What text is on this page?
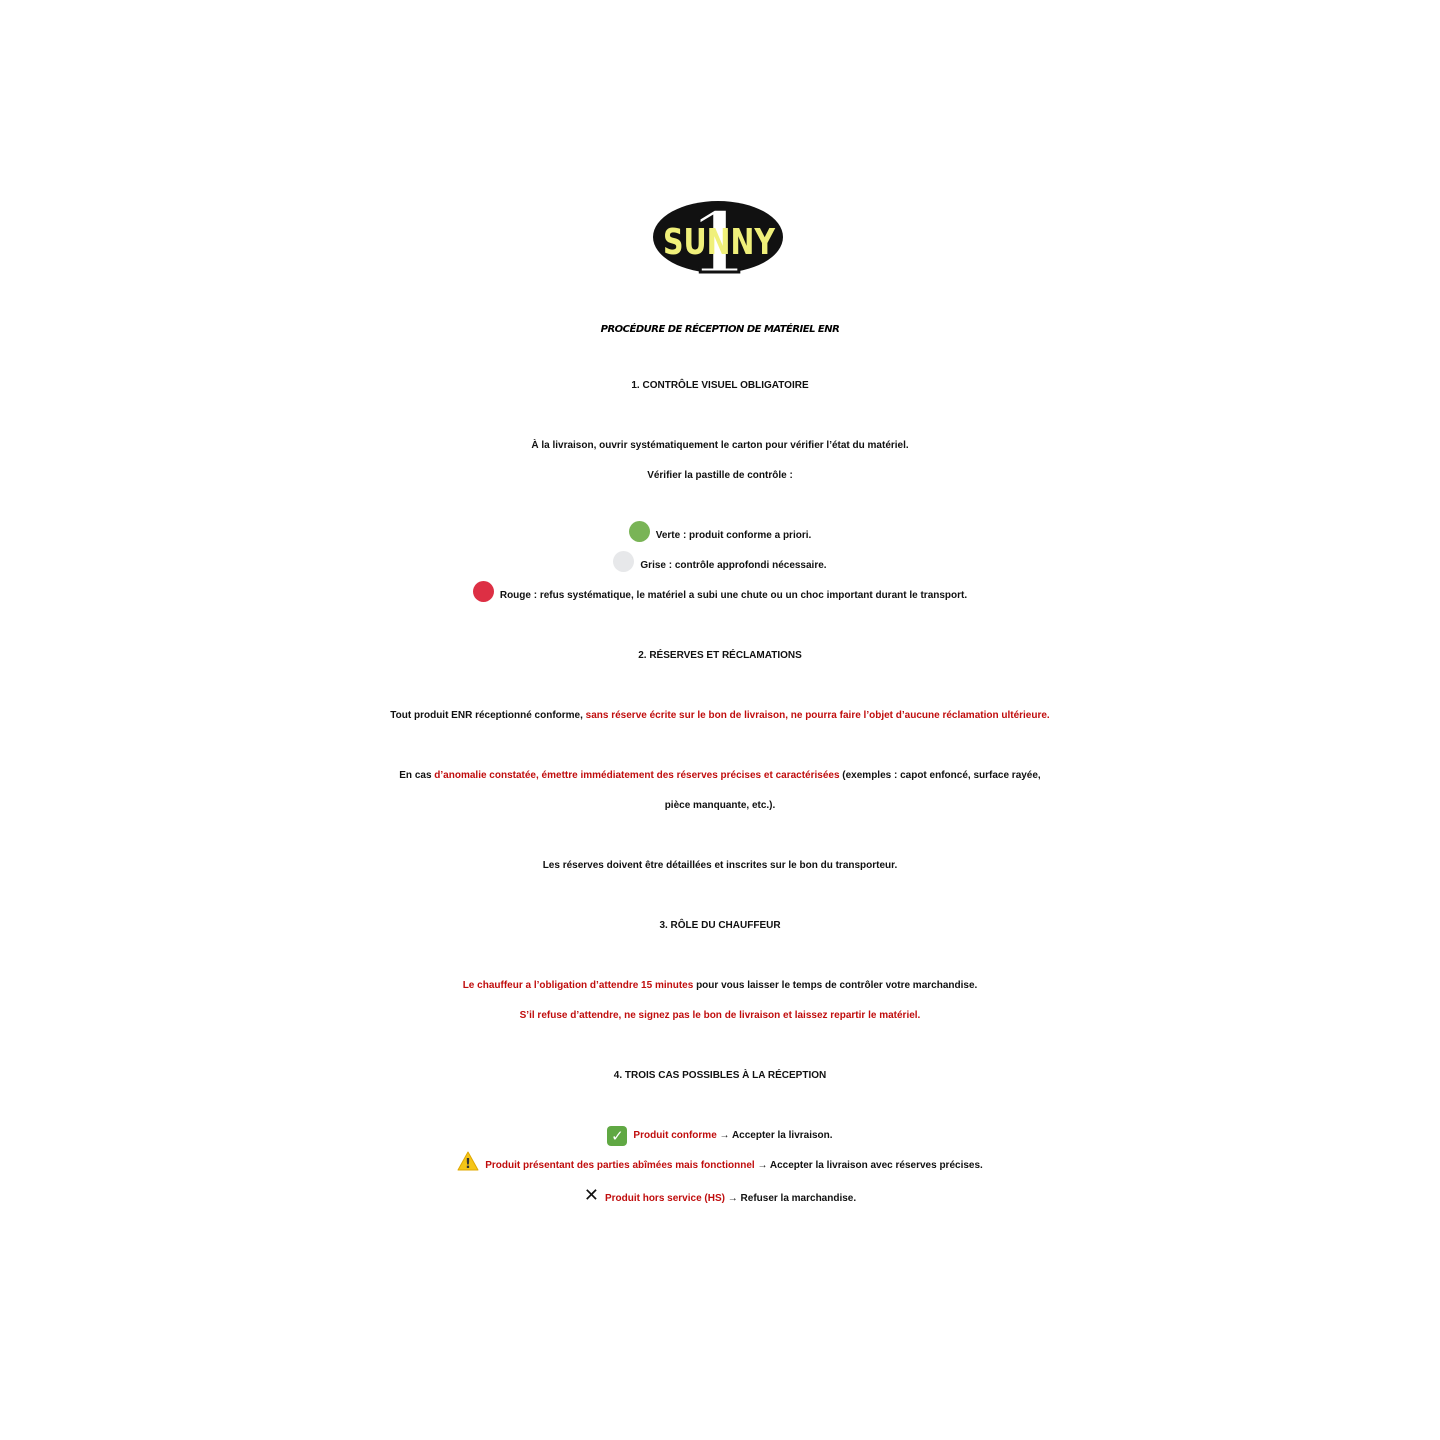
1
SUNNY
PROCÉDURE DE RÉCEPTION DE MATÉRIEL ENR
1. CONTRÔLE VISUEL OBLIGATOIRE
À la livraison, ouvrir systématiquement le carton pour vérifier l’état du matériel.
Vérifier la pastille de contrôle :
Verte : produit conforme a priori.
Grise : contrôle approfondi nécessaire.
Rouge : refus systématique, le matériel a subi une chute ou un choc important durant le transport.
2. RÉSERVES ET RÉCLAMATIONS
Tout produit ENR réceptionné conforme, sans réserve écrite sur le bon de livraison, ne pourra faire l’objet d’aucune réclamation ultérieure.
En cas d’anomalie constatée, émettre immédiatement des réserves précises et caractérisées (exemples : capot enfoncé, surface rayée,
pièce manquante, etc.).
Les réserves doivent être détaillées et inscrites sur le bon du transporteur.
3. RÔLE DU CHAUFFEUR
Le chauffeur a l’obligation d’attendre 15 minutes pour vous laisser le temps de contrôler votre marchandise.
S’il refuse d’attendre, ne signez pas le bon de livraison et laissez repartir le matériel.
4. TROIS CAS POSSIBLES À LA RÉCEPTION
✓ Produit conforme → Accepter la livraison.
! Produit présentant des parties abîmées mais fonctionnel → Accepter la livraison avec réserves précises.
✕ Produit hors service (HS) → Refuser la marchandise.
